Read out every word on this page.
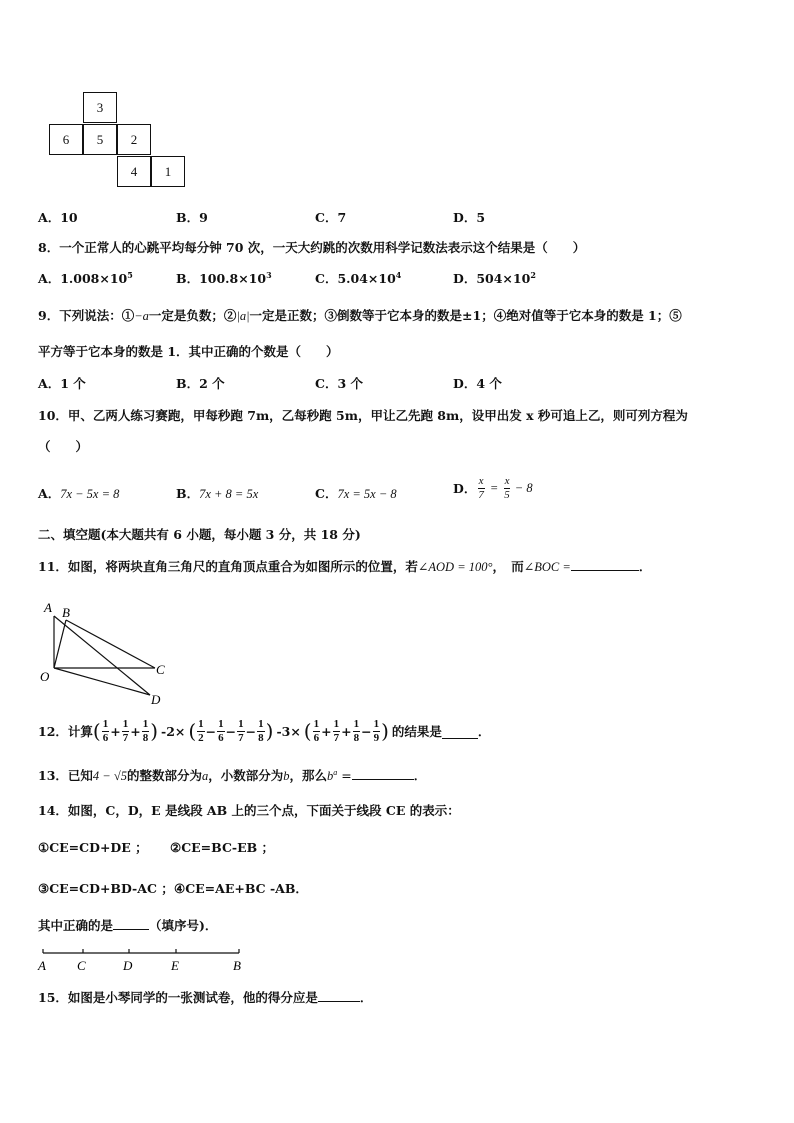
3
6	5	2
4	1
A．10	B．9	C．7	D．5
8．一个正常人的心跳平均每分钟 70 次，一天大约跳的次数用科学记数法表示这个结果是（　　）
A．$1.008\times 10^5$	B．$100.8\times 10^3$	C．$5.04\times 10^4$	D．$504\times 10^2$
9．下列说法：①−a一定是负数；②|a|一定是正数；③倒数等于它本身的数是±1；④绝对值等于它本身的数是 1；⑤
平方等于它本身的数是 1．其中正确的个数是（　　）
A．1 个	B．2 个	C．3 个	D．4 个
10．甲、乙两人练习赛跑，甲每秒跑 7m，乙每秒跑 5m，甲让乙先跑 8m，设甲出发 x 秒可追上乙，则可列方程为
（　　）
A．7x − 5x = 8	B．7x + 8 = 5x	C．7x = 5x − 8	D． $\frac{x}{7} = \frac{x}{5} - 8$
二、填空题(本大题共有 6 小题，每小题 3 分，共 18 分)
11．如图，将两块直角三角尺的直角顶点重合为如图所示的位置，若∠AOD = 100°，　而∠BOC =	．
A B
C
O
D
12．计算 ( $\frac{1}{6} + \frac{1}{7} + \frac{1}{8}$ ) -2× ( $\frac{1}{2} - \frac{1}{6} - \frac{1}{7} - \frac{1}{8}$ ) -3× ( $\frac{1}{6} + \frac{1}{7} + \frac{1}{8} - \frac{1}{9}$ ) 的结果是	．
13．已知4 − √5的整数部分为a，小数部分为b，那么$b^a$ =	．
14．如图，C，D，E 是线段 AB 上的三个点，下面关于线段 CE 的表示：
①CE=CD+DE ； ②CE=BC-EB ；
③CE=CD+BD-AC ； ④CE=AE+BC -AB．
其中正确的是	（填序号)．
A C	D	E	B
15．如图是小琴同学的一张测试卷，他的得分应是	．
